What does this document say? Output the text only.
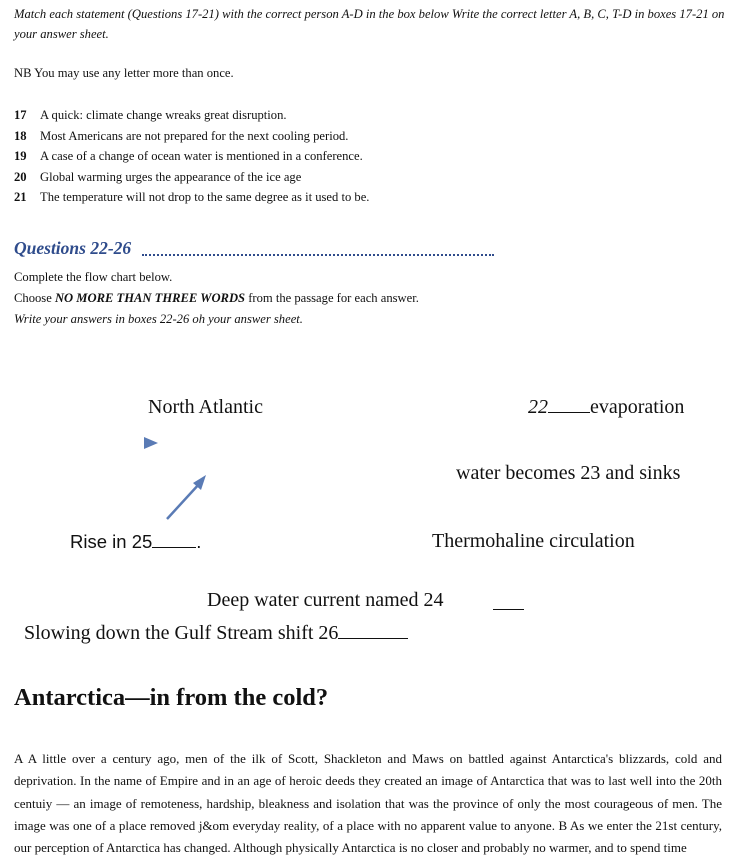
Match each statement (Questions 17-21) with the correct person A-D in the box below Write the correct letter A, B, C, T-D in boxes 17-21 on your answer sheet.

NB You may use any letter more than once.

17	A quick: climate change wreaks great disruption.
18	Most Americans are not prepared for the next cooling period.
19	A case of a change of ocean water is mentioned in a conference.
20	Global warming urges the appearance of the ice age
21	The temperature will not drop to the same degree as it used to be.
Questions 22-26
Complete the flow chart below.
Choose NO MORE THAN THREE WORDS from the passage for each answer.
Write your answers in boxes 22-26 oh your answer sheet.
North Atlantic	22 evaporation
water becomes 23 and sinks
Rise in 25 .	Thermohaline circulation
Deep water current named 24
Slowing down the Gulf Stream shift 26
Antarctica—in from the cold?

A A little over a century ago, men of the ilk of Scott, Shackleton and Maws on battled against Antarctica's blizzards, cold and deprivation. In the name of Empire and in an age of heroic deeds they created an image of Antarctica that was to last well into the 20th centuiy — an image of remoteness, hardship, bleakness and isolation that was the province of only the most courageous of men. The image was one of a place removed j&om everyday reality, of a place with no apparent value to anyone. B As we enter the 21st century, our perception of Antarctica has changed. Although physically Antarctica is no closer and probably no warmer, and to spend time
